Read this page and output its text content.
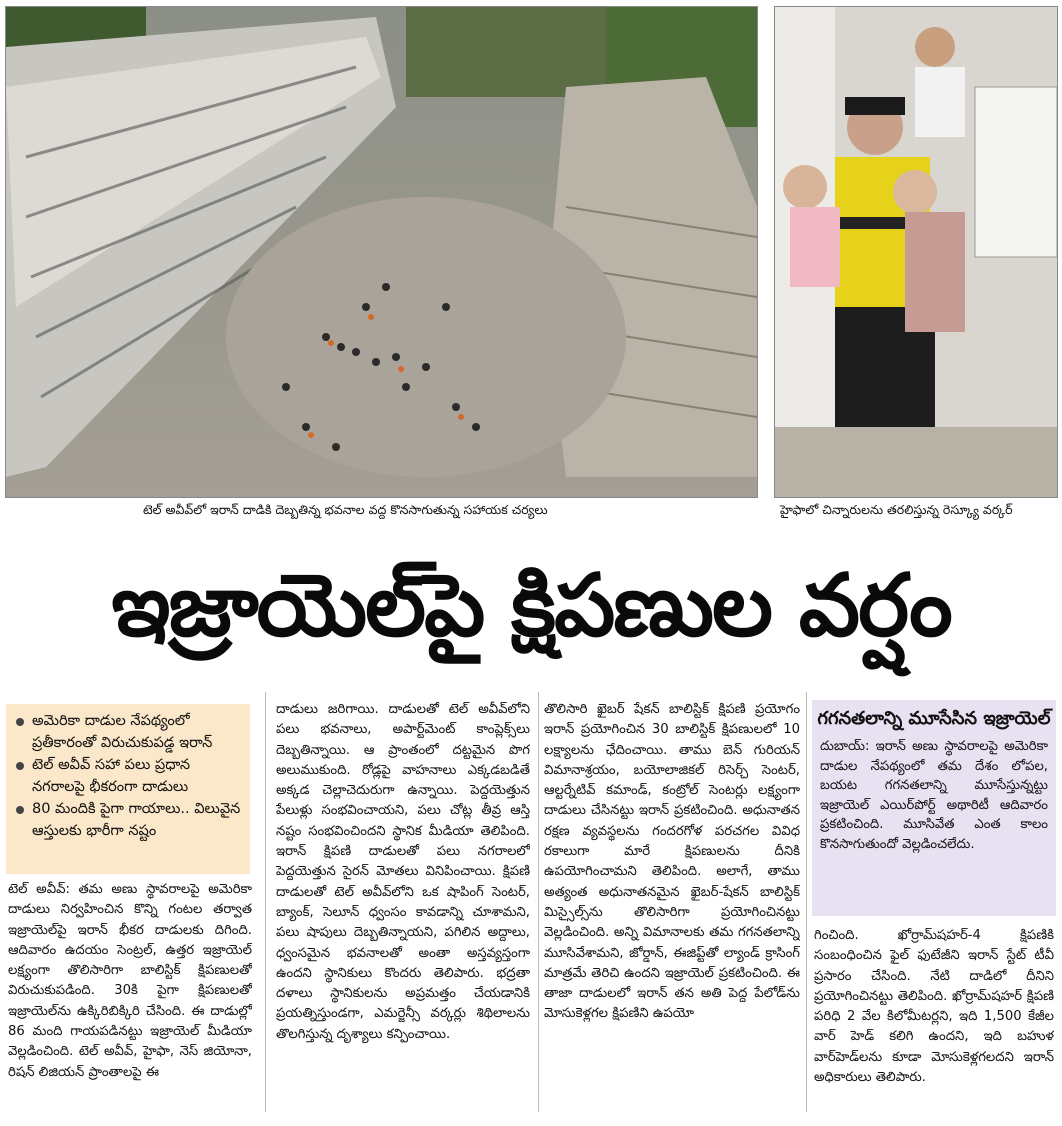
టెల్ అవీవ్‌లో ఇరాన్ దాడికి దెబ్బతిన్న భవనాల వద్ద కొనసాగుతున్న సహాయక చర్యలు	హైఫాలో చిన్నారులను తరలిస్తున్న రెస్క్యూ వర్కర్
ఇజ్రాయెల్‌పై క్షిపణుల వర్షం
అమెరికా దాడుల నేపథ్యంలో ప్రతీకారంతో విరుచుకుపడ్డ ఇరాన్
టెల్ అవీవ్ సహా పలు ప్రధాన నగరాలపై భీకరంగా దాడులు
80 మందికి పైగా గాయాలు.. విలువైన ఆస్తులకు భారీగా నష్టం

టెల్ అవీవ్: తమ అణు స్థావరాలపై అమెరికా దాడులు నిర్వహించిన కొన్ని గంటల తర్వాత ఇజ్రాయెల్‌పై ఇరాన్ భీకర దాడులకు దిగింది. ఆదివారం ఉదయం సెంట్రల్, ఉత్తర ఇజ్రాయెల్ లక్ష్యంగా తొలిసారిగా బాలిస్టిక్ క్షిపణులతో విరుచుకుపడింది. 30కి పైగా క్షిపణులతో ఇజ్రాయెల్‌ను ఉక్కిరిబిక్కిరి చేసింది. ఈ దాడుల్లో 86 మంది గాయపడినట్టు ఇజ్రాయెల్ మీడియా వెల్లడించింది. టెల్ అవీవ్, హైఫా, నెస్ జియోనా, రిషన్ లిజియన్ ప్రాంతాలపై ఈ

దాడులు జరిగాయి. దాడులతో టెల్ అవీవ్‌లోని పలు భవనాలు, అపార్ట్‌మెంట్ కాంప్లెక్స్‌లు దెబ్బతిన్నాయి. ఆ ప్రాంతంలో దట్టమైన పొగ అలుముకుంది. రోడ్లపై వాహనాలు ఎక్కడబడితే అక్కడ చెల్లాచెదురుగా ఉన్నాయి. పెద్దయెత్తున పేలుళ్లు సంభవించాయని, పలు చోట్ల తీవ్ర ఆస్తి నష్టం సంభవించిందని స్థానిక మీడియా తెలిపింది. ఇరాన్ క్షిపణి దాడులతో పలు నగరాలలో పెద్దయెత్తున సైరన్ మోతలు వినిపించాయి. క్షిపణి దాడులతో టెల్ అవీవ్‌లోని ఒక షాపింగ్ సెంటర్, బ్యాంక్, సెలూన్ ధ్వంసం కావడాన్ని చూశామని, పలు షాపులు దెబ్బతిన్నాయని, పగిలిన అద్దాలు, ధ్వంసమైన భవనాలతో అంతా అస్తవ్యస్తంగా ఉందని స్థానికులు కొందరు తెలిపారు. భద్రతా దళాలు స్థానికులను అప్రమత్తం చేయడానికి ప్రయత్నిస్తుండగా, ఎమర్జెన్సీ వర్కర్లు శిథిలాలను తొలగిస్తున్న దృశ్యాలు కన్పించాయి.

తొలిసారి ఖైబర్ షేకన్ బాలిస్టిక్ క్షిపణి ప్రయోగం ఇరాన్ ప్రయోగించిన 30 బాలిస్టిక్ క్షిపణులలో 10 లక్ష్యాలను ఛేదించాయి. తాము బెన్ గురియన్ విమానాశ్రయం, బయోలాజికల్ రిసెర్చ్ సెంటర్, ఆల్టర్నేటివ్ కమాండ్, కంట్రోల్ సెంటర్లు లక్ష్యంగా దాడులు చేసినట్టు ఇరాన్ ప్రకటించింది. అధునాతన రక్షణ వ్యవస్థలను గందరగోళ పరచగల వివిధ రకాలుగా మారే క్షిపణులను దీనికి ఉపయోగించామని తెలిపింది. అలాగే, తాము అత్యంత అధునాతనమైన ఖైబర్-షేకన్ బాలిస్టిక్ మిస్సైల్స్‌ను తొలిసారిగా ప్రయోగించినట్టు వెల్లడించింది. అన్ని విమానాలకు తమ గగనతలాన్ని మూసివేశామని, జోర్డాన్, ఈజిప్ట్‌తో ల్యాండ్ క్రాసింగ్ మాత్రమే తెరిచి ఉందని ఇజ్రాయెల్ ప్రకటించింది. ఈ తాజా దాడులలో ఇరాన్ తన అతి పెద్ద పేలోడ్‌ను మోసుకెళ్లగల క్షిపణిని ఉపయో

గగనతలాన్ని మూసేసిన ఇజ్రాయెల్
దుబాయ్: ఇరాన్ అణు స్థావరాలపై అమెరికా దాడుల నేపథ్యంలో తమ దేశం లోపల, బయట గగనతలాన్ని మూసేస్తున్నట్టు ఇజ్రాయెల్ ఎయిర్‌పోర్ట్ అథారిటీ ఆదివారం ప్రకటించింది. మూసివేత ఎంత కాలం కొనసాగుతుందో వెల్లడించలేదు.

గించింది. ఖోర్రామ్‌షహర్-4 క్షిపణికి సంబంధించిన ఫైల్ ఫుటేజీని ఇరాన్ స్టేట్ టీవీ ప్రసారం చేసింది. నేటి దాడిలో దీనిని ప్రయోగించినట్టు తెలిపింది. ఖోర్రామ్‌షహర్ క్షిపణి పరిధి 2 వేల కిలోమీటర్లని, ఇది 1,500 కేజీల వార్ హెడ్ కలిగి ఉందని, ఇది బహుళ వార్‌హెడ్‌లను కూడా మోసుకెళ్లగలదని ఇరాన్ అధికారులు తెలిపారు.
